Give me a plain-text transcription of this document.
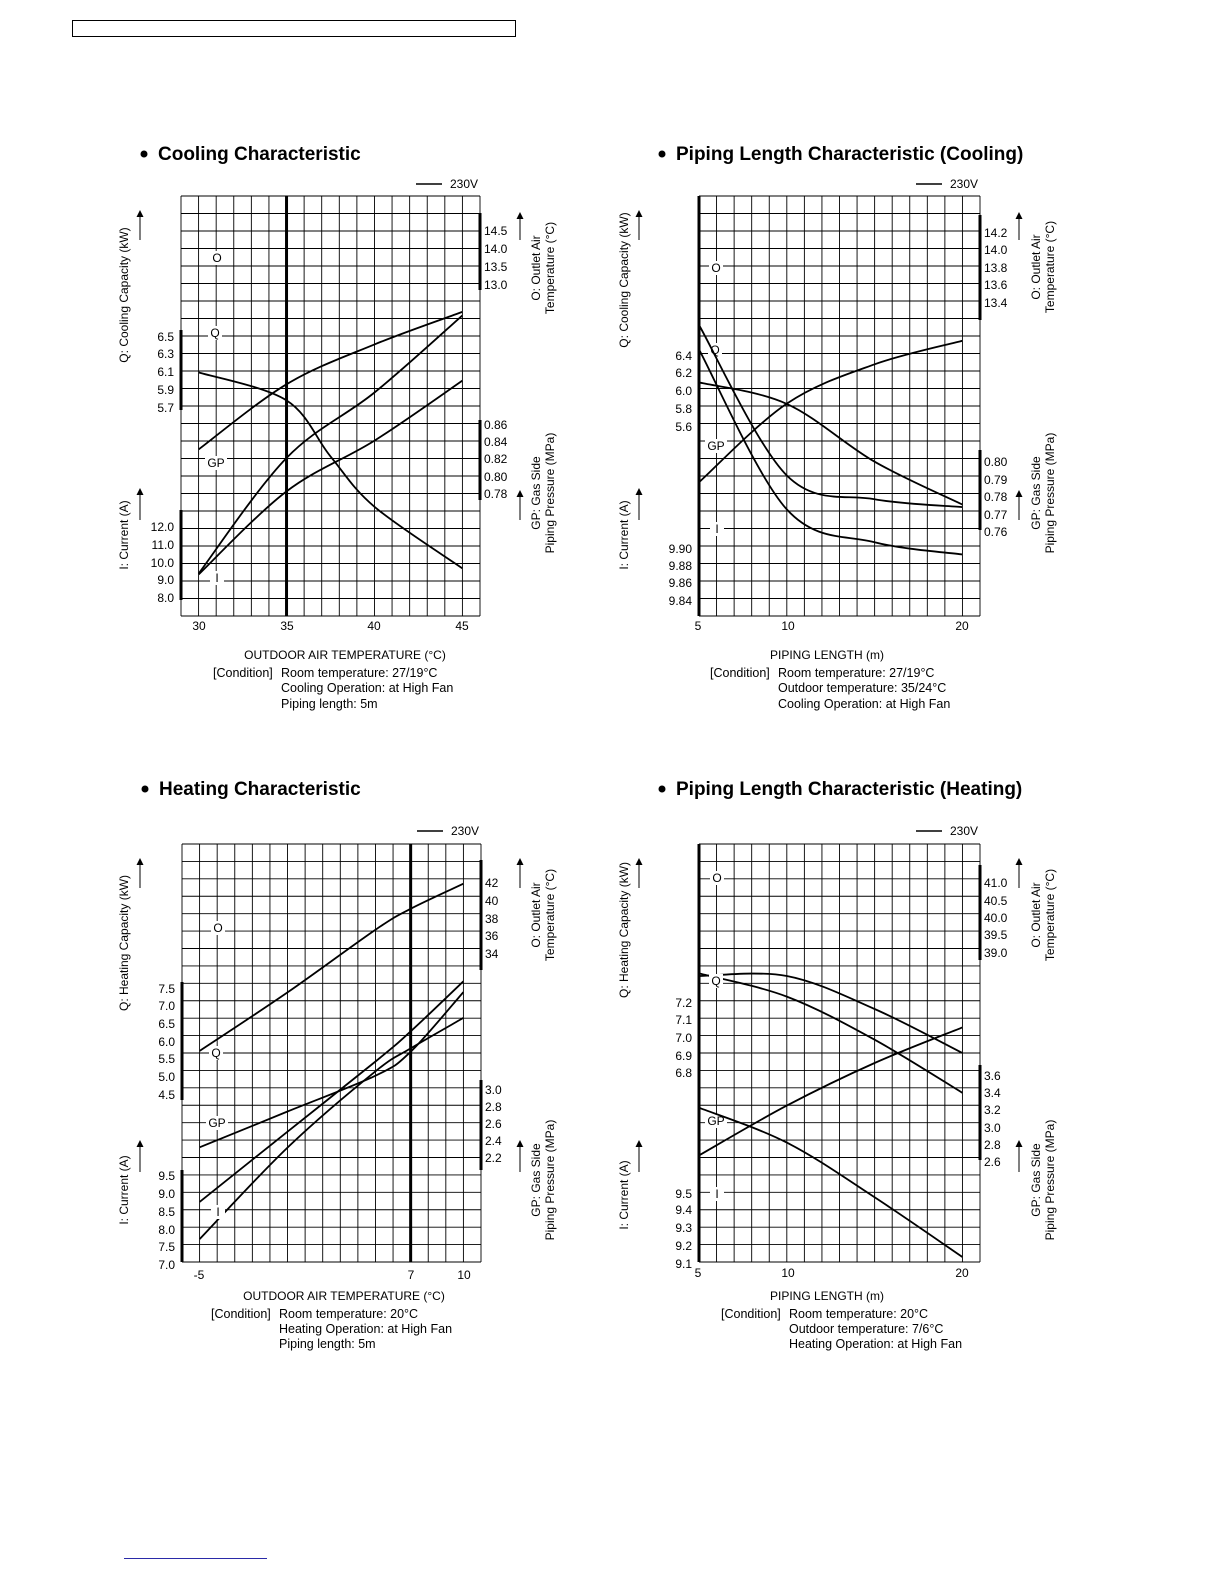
Cooling Characteristic
230V
6.5
6.3
6.1
5.9
5.7
12.0
11.0
10.0
9.0
8.0
14.5
14.0
13.5
13.0
0.86
0.84
0.82
0.80
0.78
Q: Cooling Capacity (kW)
I: Current (A)
O: Outlet AirTemperature (°C)
GP: Gas SidePiping Pressure (MPa)
30	35	40	45
OUTDOOR AIR TEMPERATURE (°C)
[Condition] Room temperature: 27/19°C
Cooling Operation: at High Fan
Piping length: 5m
O
Q
GP
I
Piping Length Characteristic (Cooling)
230V
6.4
6.2
6.0
5.8
5.6
9.90
9.88
9.86
9.84
14.2
14.0
13.8
13.6
13.4
0.80
0.79
0.78
0.77
0.76
Q: Cooling Capacity (kW)
I: Current (A)
O: Outlet AirTemperature (°C)
GP: Gas SidePiping Pressure (MPa)
5	10	20
PIPING LENGTH (m)
[Condition] Room temperature: 27/19°C
Outdoor temperature: 35/24°C
Cooling Operation: at High Fan
O
Q
GP
I
Heating Characteristic
230V
7.5
7.0
6.5
6.0
5.5
5.0
4.5
9.5
9.0
8.5
8.0
7.5
7.0
42
40
38
36
34
3.0
2.8
2.6
2.4
2.2
Q: Heating Capacity (kW)
I: Current (A)
O: Outlet AirTemperature (°C)
GP: Gas SidePiping Pressure (MPa)
-5	7	10
OUTDOOR AIR TEMPERATURE (°C)
[Condition] Room temperature: 20°C
Heating Operation: at High Fan
Piping length: 5m
O
Q
GP
I
Piping Length Characteristic (Heating)
230V
7.2
7.1
7.0
6.9
6.8
9.5
9.4
9.3
9.2
9.1
41.0
40.5
40.0
39.5
39.0
3.6
3.4
3.2
3.0
2.8
2.6
Q: Heating Capacity (kW)
I: Current (A)
O: Outlet AirTemperature (°C)
GP: Gas SidePiping Pressure (MPa)
5	10	20
PIPING LENGTH (m)
[Condition] Room temperature: 20°C
Outdoor temperature: 7/6°C
Heating Operation: at High Fan
O
Q
GP
I
